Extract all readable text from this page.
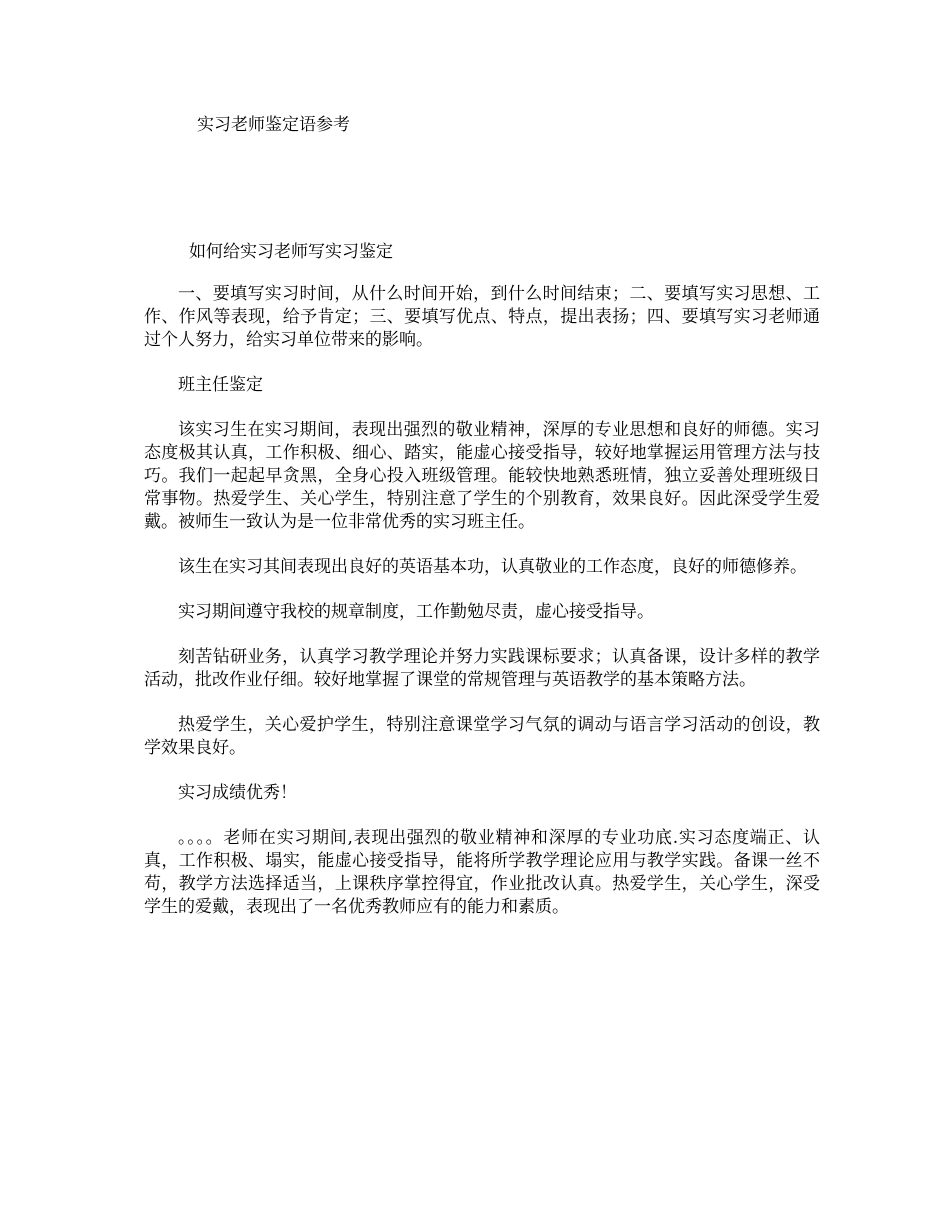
实习老师鉴定语参考
如何给实习老师写实习鉴定

一、要填写实习时间，从什么时间开始，到什么时间结束；二、要填写实习思想、工作、作风等表现，给予肯定；三、要填写优点、特点，提出表扬；四、要填写实习老师通过个人努力，给实习单位带来的影响。

班主任鉴定

该实习生在实习期间，表现出强烈的敬业精神，深厚的专业思想和良好的师德。实习态度极其认真，工作积极、细心、踏实，能虚心接受指导，较好地掌握运用管理方法与技巧。我们一起起早贪黑，全身心投入班级管理。能较快地熟悉班情，独立妥善处理班级日常事物。热爱学生、关心学生，特别注意了学生的个别教育，效果良好。因此深受学生爱戴。被师生一致认为是一位非常优秀的实习班主任。

该生在实习其间表现出良好的英语基本功，认真敬业的工作态度，良好的师德修养。

实习期间遵守我校的规章制度，工作勤勉尽责，虚心接受指导。

刻苦钻研业务，认真学习教学理论并努力实践课标要求；认真备课，设计多样的教学活动，批改作业仔细。较好地掌握了课堂的常规管理与英语教学的基本策略方法。

热爱学生，关心爱护学生，特别注意课堂学习气氛的调动与语言学习活动的创设，教学效果良好。

实习成绩优秀！

。。。。老师在实习期间,表现出强烈的敬业精神和深厚的专业功底.实习态度端正、认真，工作积极、塌实，能虚心接受指导，能将所学教学理论应用与教学实践。备课一丝不苟，教学方法选择适当，上课秩序掌控得宜，作业批改认真。热爱学生，关心学生，深受学生的爱戴，表现出了一名优秀教师应有的能力和素质。
